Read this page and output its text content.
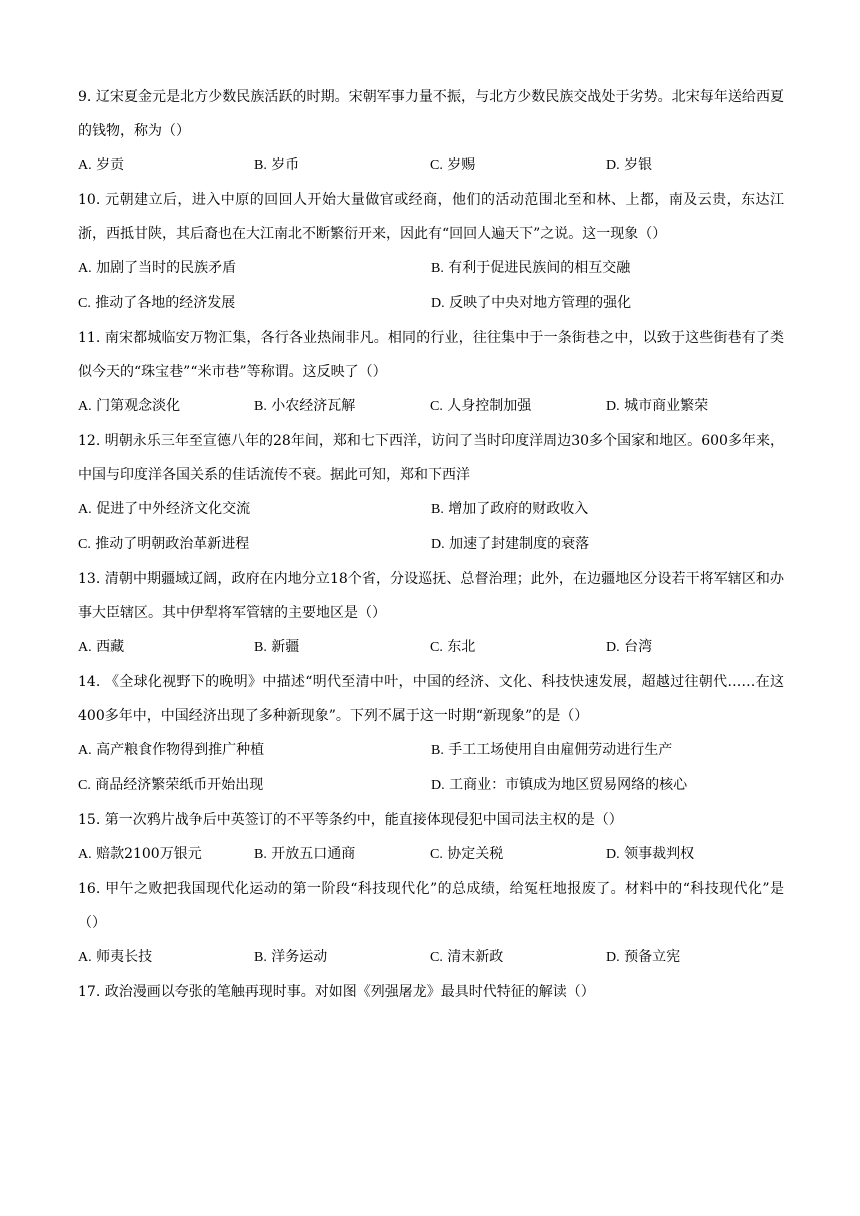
9. 辽宋夏金元是北方少数民族活跃的时期。宋朝军事力量不振，与北方少数民族交战处于劣势。北宋每年送给西夏的钱物，称为（）

A. 岁贡	B. 岁币	C. 岁赐	D. 岁银

10. 元朝建立后，进入中原的回回人开始大量做官或经商，他们的活动范围北至和林、上都，南及云贵，东达江浙，西抵甘陕，其后裔也在大江南北不断繁衍开来，因此有“回回人遍天下”之说。这一现象（）

A. 加剧了当时的民族矛盾	B. 有利于促进民族间的相互交融
C. 推动了各地的经济发展	D. 反映了中央对地方管理的强化

11. 南宋都城临安万物汇集，各行各业热闹非凡。相同的行业，往往集中于一条街巷之中，以致于这些街巷有了类似今天的“珠宝巷”“米市巷”等称谓。这反映了（）

A. 门第观念淡化	B. 小农经济瓦解	C. 人身控制加强	D. 城市商业繁荣

12. 明朝永乐三年至宣德八年的28年间，郑和七下西洋，访问了当时印度洋周边30多个国家和地区。600多年来，中国与印度洋各国关系的佳话流传不衰。据此可知，郑和下西洋

A. 促进了中外经济文化交流	B. 增加了政府的财政收入
C. 推动了明朝政治革新进程	D. 加速了封建制度的衰落

13. 清朝中期疆域辽阔，政府在内地分立18个省，分设巡抚、总督治理；此外，在边疆地区分设若干将军辖区和办事大臣辖区。其中伊犁将军管辖的主要地区是（）

A. 西藏	B. 新疆	C. 东北	D. 台湾

14. 《全球化视野下的晚明》中描述“明代至清中叶，中国的经济、文化、科技快速发展，超越过往朝代……在这400多年中，中国经济出现了多种新现象”。下列不属于这一时期“新现象”的是（）

A. 高产粮食作物得到推广种植	B. 手工工场使用自由雇佣劳动进行生产
C. 商品经济繁荣纸币开始出现	D. 工商业：市镇成为地区贸易网络的核心

15. 第一次鸦片战争后中英签订的不平等条约中，能直接体现侵犯中国司法主权的是（）

A. 赔款2100万银元	B. 开放五口通商	C. 协定关税	D. 领事裁判权

16. 甲午之败把我国现代化运动的第一阶段“科技现代化”的总成绩，给冤枉地报废了。材料中的“科技现代化”是（）

A. 师夷长技	B. 洋务运动	C. 清末新政	D. 预备立宪

17. 政治漫画以夸张的笔触再现时事。对如图《列强屠龙》最具时代特征的解读（）
